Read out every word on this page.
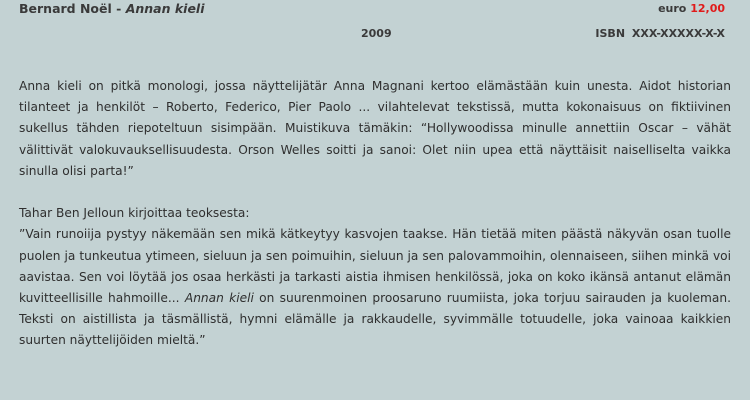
Bernard Noël - Annan kieli	euro 12,00
2009	ISBN XXX-XXXXX-X-X

Anna kieli on pitkä monologi, jossa näyttelijätär Anna Magnani kertoo elämästään kuin unesta. Aidot historian tilanteet ja henkilöt – Roberto, Federico, Pier Paolo ... vilahtelevat tekstissä, mutta kokonaisuus on fiktiivinen sukellus tähden riepoteltuun sisimpään. Muistikuva tämäkin: “Hollywoodissa minulle annettiin Oscar – vähät välittivät valokuvauksellisuudesta. Orson Welles soitti ja sanoi: Olet niin upea että näyttäisit naiselliselta vaikka sinulla olisi parta!”

Tahar Ben Jelloun kirjoittaa teoksesta:

”Vain runoiija pystyy näkemään sen mikä kätkeytyy kasvojen taakse. Hän tietää miten päästä näkyvän osan tuolle puolen ja tunkeutua ytimeen, sieluun ja sen poimuihin, sieluun ja sen palovammoihin, olennaiseen, siihen minkä voi aavistaa. Sen voi löytää jos osaa herkästi ja tarkasti aistia ihmisen henkilössä, joka on koko ikänsä antanut elämän kuvitteellisille hahmoille... Annan kieli on suurenmoinen proosaruno ruumiista, joka torjuu sairauden ja kuoleman. Teksti on aistillista ja täsmällistä, hymni elämälle ja rakkaudelle, syvimmälle totuudelle, joka vainoaa kaikkien suurten näyttelijöiden mieltä.”
